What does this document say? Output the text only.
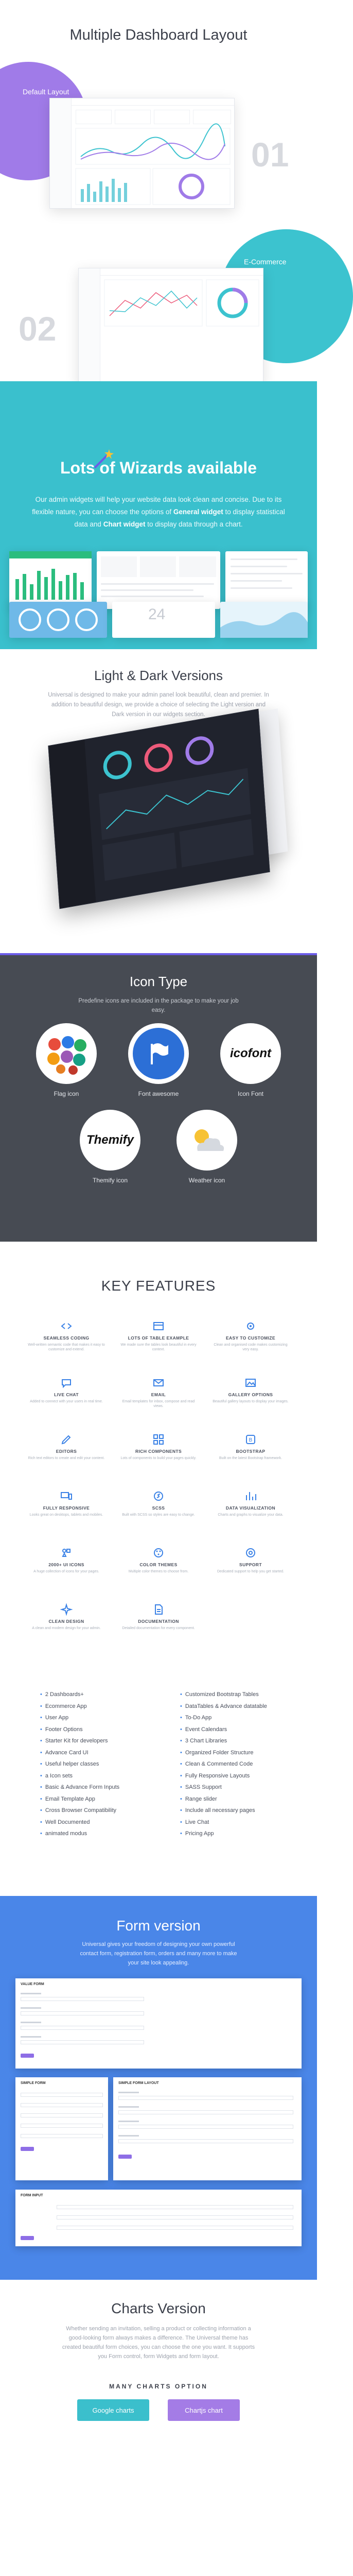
Multiple Dashboard Layout
Default Layout
01
E-Commerce
02
Lots of Wizards available

Our admin widgets will help your website data look clean and concise. Due to its flexible nature, you can choose the options of General widget to display statistical data and Chart widget to display data through a chart.

24
Light & Dark Versions

Universal is designed to make your admin panel look beautiful, clean and premier. In addition to beautiful design, we provide a choice of selecting the Light version and Dark version in our widgets section.

Icon Type

Predefine icons are included in the package to make your job easy.

Flag icon	Font awesome
icofont
Icon Font
Themify
Themify icon	Weather icon
KEY FEATURES
SEAMLESS CODING
Well-written semantic code that makes it easy to customize and extend.
LOTS OF TABLE EXAMPLE
We made sure the tables look beautiful in every context.
EASY TO CUSTOMIZE
Clean and organised code makes customizing very easy.
LIVE CHAT
Added to connect with your users in real time.
EMAIL
Email templates for inbox, compose and read views.
GALLERY OPTIONS
Beautiful gallery layouts to display your images.
EDITORS
Rich text editors to create and edit your content.
RICH COMPONENTS
Lots of components to build your pages quickly.
B
BOOTSTRAP
Built on the latest Bootstrap framework.
FULLY RESPONSIVE
Looks great on desktops, tablets and mobiles.
SCSS
Built with SCSS so styles are easy to change.
DATA VISUALIZATION
Charts and graphs to visualize your data.
2000+ UI ICONS
A huge collection of icons for your pages.
COLOR THEMES
Multiple color themes to choose from.
SUPPORT
Dedicated support to help you get started.
CLEAN DESIGN
A clean and modern design for your admin.
DOCUMENTATION
Detailed documentation for every component.
• 2 Dashboards+
• Ecommerce App
• User App
• Footer Options
• Starter Kit for developers
• Advance Card UI
• Useful helper classes
• a Icon sets
• Basic & Advance Form Inputs
• Email Template App
• Cross Browser Compatibility
• Well Documented
• animated modus
• Customized Bootstrap Tables
• DataTables & Advance datatable
• To-Do App
• Event Calendars
• 3 Chart Libraries
• Organized Folder Structure
• Clean & Commented Code
• Fully Responsive Layouts
• SASS Support
• Range slider
• Include all necessary pages
• Live Chat
• Pricing App
Form version

Universal gives your freedom of designing your own powerful contact form, registration form, orders and many more to make your site look appealing.

VALUE FORM
SIMPLE FORM	SIMPLE FORM LAYOUT
FORM INPUT
Charts Version

Whether sending an invitation, selling a product or collecting information a good-looking form always makes a difference. The Universal theme has created beautiful form choices, you can choose the one you want. It supports you Form control, form Widgets and form layout.

MANY CHARTS OPTION
Google charts	Chartjs chart
